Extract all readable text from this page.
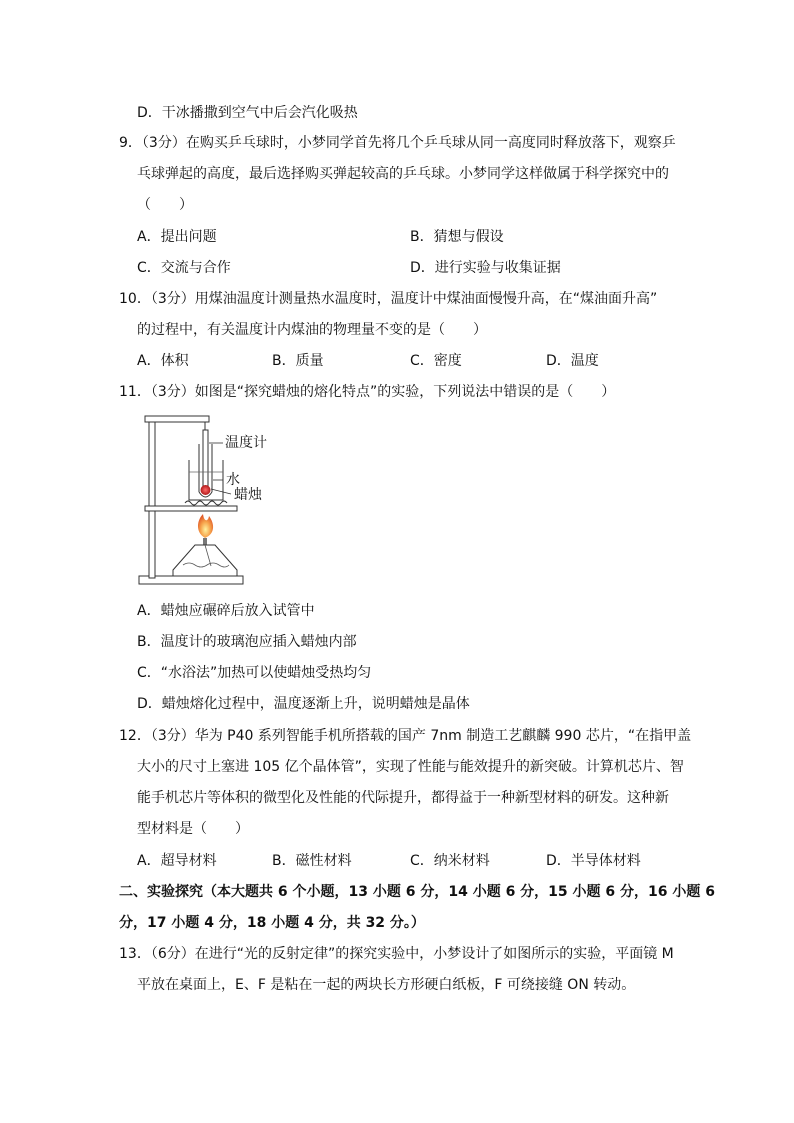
D．干冰播撒到空气中后会汽化吸热
9．（3分）在购买乒乓球时，小梦同学首先将几个乒乓球从同一高度同时释放落下，观察乒
乓球弹起的高度，最后选择购买弹起较高的乒乓球。小梦同学这样做属于科学探究中的
（　　）
A．提出问题	B．猜想与假设
C．交流与合作	D．进行实验与收集证据
10．（3分）用煤油温度计测量热水温度时，温度计中煤油面慢慢升高，在“煤油面升高”
的过程中，有关温度计内煤油的物理量不变的是（　　）
A．体积	B．质量	C．密度	D．温度
11．（3分）如图是“探究蜡烛的熔化特点”的实验，下列说法中错误的是（　　）
温度计
水
蜡烛
A．蜡烛应碾碎后放入试管中
B．温度计的玻璃泡应插入蜡烛内部
C．“水浴法”加热可以使蜡烛受热均匀
D．蜡烛熔化过程中，温度逐渐上升，说明蜡烛是晶体
12．（3分）华为 P40 系列智能手机所搭载的国产 7nm 制造工艺麒麟 990 芯片，“在指甲盖
大小的尺寸上塞进 105 亿个晶体管”，实现了性能与能效提升的新突破。计算机芯片、智
能手机芯片等体积的微型化及性能的代际提升，都得益于一种新型材料的研发。这种新
型材料是（　　）
A．超导材料	B．磁性材料	C．纳米材料	D．半导体材料
二、实验探究（本大题共 6 个小题，13 小题 6 分，14 小题 6 分，15 小题 6 分，16 小题 6
分，17 小题 4 分，18 小题 4 分，共 32 分。）
13．（6分）在进行“光的反射定律”的探究实验中，小梦设计了如图所示的实验，平面镜 M
平放在桌面上，E、F 是粘在一起的两块长方形硬白纸板，F 可绕接缝 ON 转动。
